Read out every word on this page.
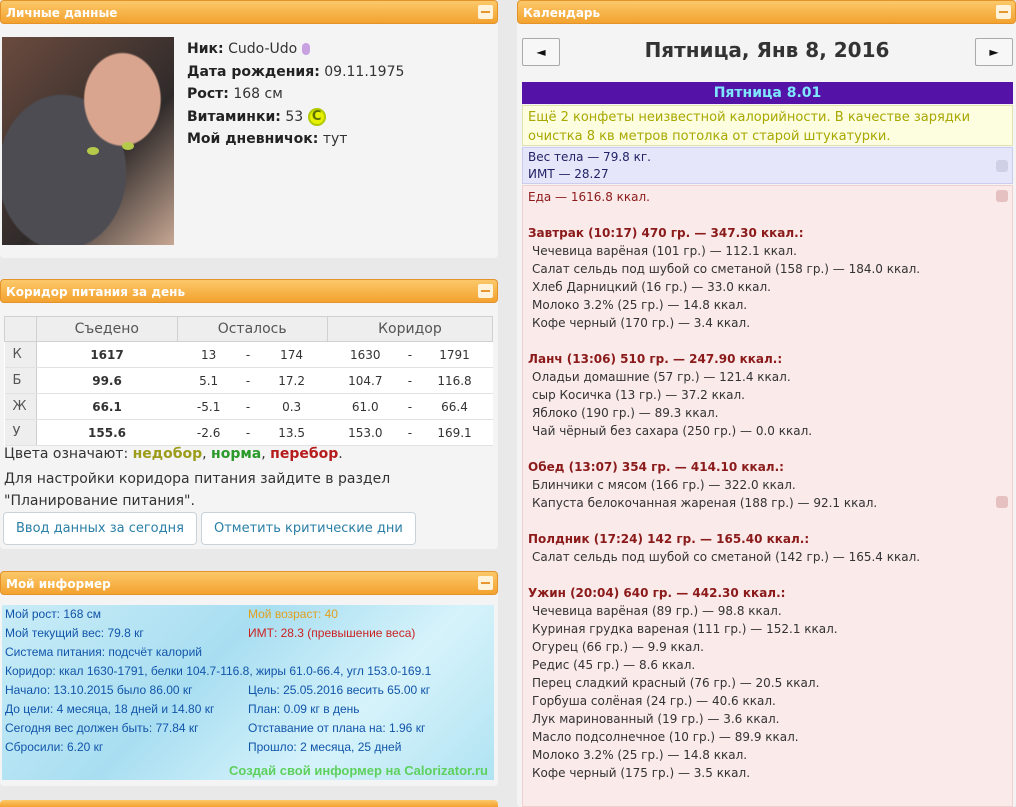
Личные данные
Ник: Cudo-Udo
Дата рождения: 09.11.1975
Рост: 168 см
Витаминки: 53 C
Мой дневничок: тут
Коридор питания за день
	Съедено	Осталось			Коридор		
К	1617	13	-	174	1630	-	1791
Б	99.6	5.1	-	17.2	104.7	-	116.8
Ж	66.1	-5.1	-	0.3	61.0	-	66.4
У	155.6	-2.6	-	13.5	153.0	-	169.1
Цвета означают: недобор, норма, перебор.
Для настройки коридора питания зайдите в раздел "Планирование питания".
Ввод данных за сегодня	Отметить критические дни
Мой информер
Мой рост: 168 см
Мой текущий вес: 79.8 кг
Система питания: подсчёт калорий
Коридор: ккал 1630-1791, белки 104.7-116.8, жиры 61.0-66.4, угл 153.0-169.1
Начало: 13.10.2015 было 86.00 кг
До цели: 4 месяца, 18 дней и 14.80 кг
Сегодня вес должен быть: 77.84 кг
Сбросили: 6.20 кг
Мой возраст: 40
ИМТ: 28.3 (превышение веса)
Цель: 25.05.2016 весить 65.00 кг
План: 0.09 кг в день
Отставание от плана на: 1.96 кг
Прошло: 2 месяца, 25 дней
Создай свой информер на Calorizator.ru
Календарь
◄	Пятница, Янв 8, 2016	►
Пятница 8.01
Ещё 2 конфеты неизвестной калорийности. В качестве зарядки очистка 8 кв метров потолка от старой штукатурки.
Вес тела — 79.8 кг.
ИМТ — 28.27
Еда — 1616.8 ккал.
Завтрак (10:17) 470 гр. — 347.30 ккал.:
Чечевица варёная (101 гр.) — 112.1 ккал.
Салат сельдь под шубой со сметаной (158 гр.) — 184.0 ккал.
Хлеб Дарницкий (16 гр.) — 33.0 ккал.
Молоко 3.2% (25 гр.) — 14.8 ккал.
Кофе черный (170 гр.) — 3.4 ккал.
Ланч (13:06) 510 гр. — 247.90 ккал.:
Оладьи домашние (57 гр.) — 121.4 ккал.
сыр Косичка (13 гр.) — 37.2 ккал.
Яблоко (190 гр.) — 89.3 ккал.
Чай чёрный без сахара (250 гр.) — 0.0 ккал.
Обед (13:07) 354 гр. — 414.10 ккал.:
Блинчики с мясом (166 гр.) — 322.0 ккал.
Капуста белокочанная жареная (188 гр.) — 92.1 ккал.
Полдник (17:24) 142 гр. — 165.40 ккал.:
Салат сельдь под шубой со сметаной (142 гр.) — 165.4 ккал.
Ужин (20:04) 640 гр. — 442.30 ккал.:
Чечевица варёная (89 гр.) — 98.8 ккал.
Куриная грудка вареная (111 гр.) — 152.1 ккал.
Огурец (66 гр.) — 9.9 ккал.
Редис (45 гр.) — 8.6 ккал.
Перец сладкий красный (76 гр.) — 20.5 ккал.
Горбуша солёная (24 гр.) — 40.6 ккал.
Лук маринованный (19 гр.) — 3.6 ккал.
Масло подсолнечное (10 гр.) — 89.9 ккал.
Молоко 3.2% (25 гр.) — 14.8 ккал.
Кофе черный (175 гр.) — 3.5 ккал.
